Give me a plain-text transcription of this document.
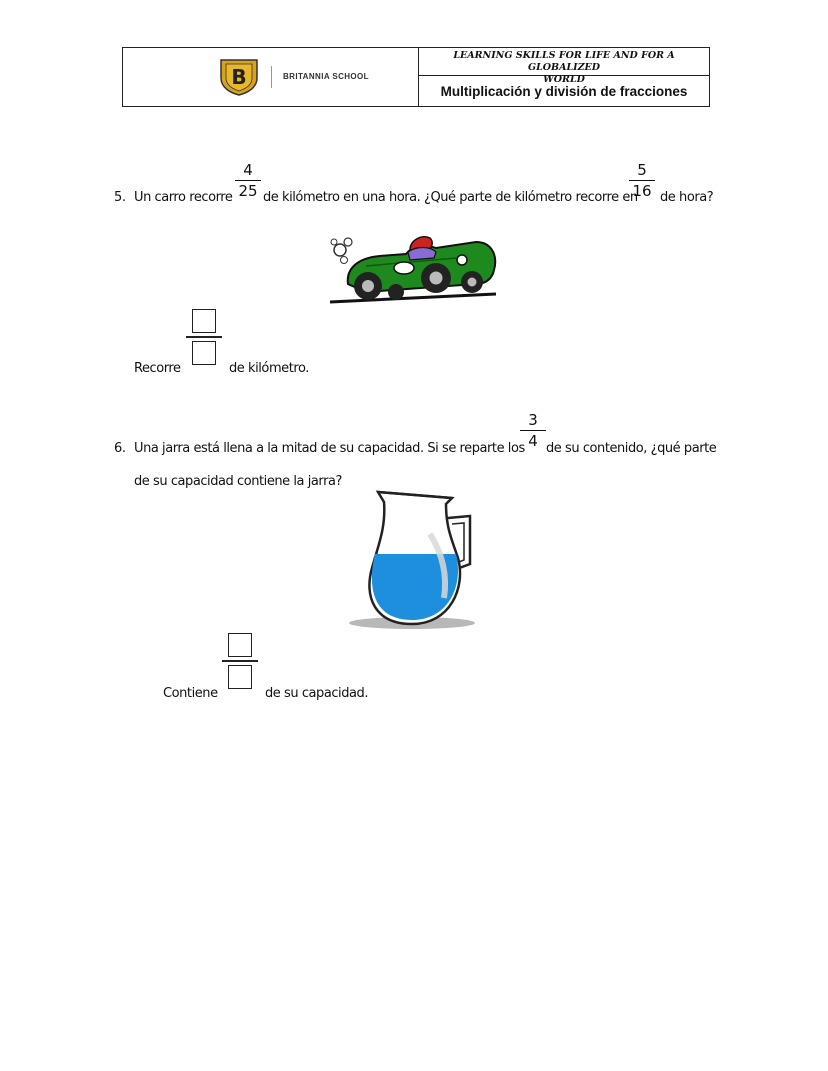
B	BRITANNIA SCHOOL
LEARNING SKILLS FOR LIFE AND FOR A GLOBALIZED
WORLD
Multiplicación y división de fracciones
5. Un carro recorre
4
25 de kilómetro en una hora. ¿Qué parte de kilómetro recorre en
5
16 de hora?
Recorre	de kilómetro.
6. Una jarra está llena a la mitad de su capacidad. Si se reparte los
3
4 de su contenido, ¿qué parte
de su capacidad contiene la jarra?
Contiene	de su capacidad.
